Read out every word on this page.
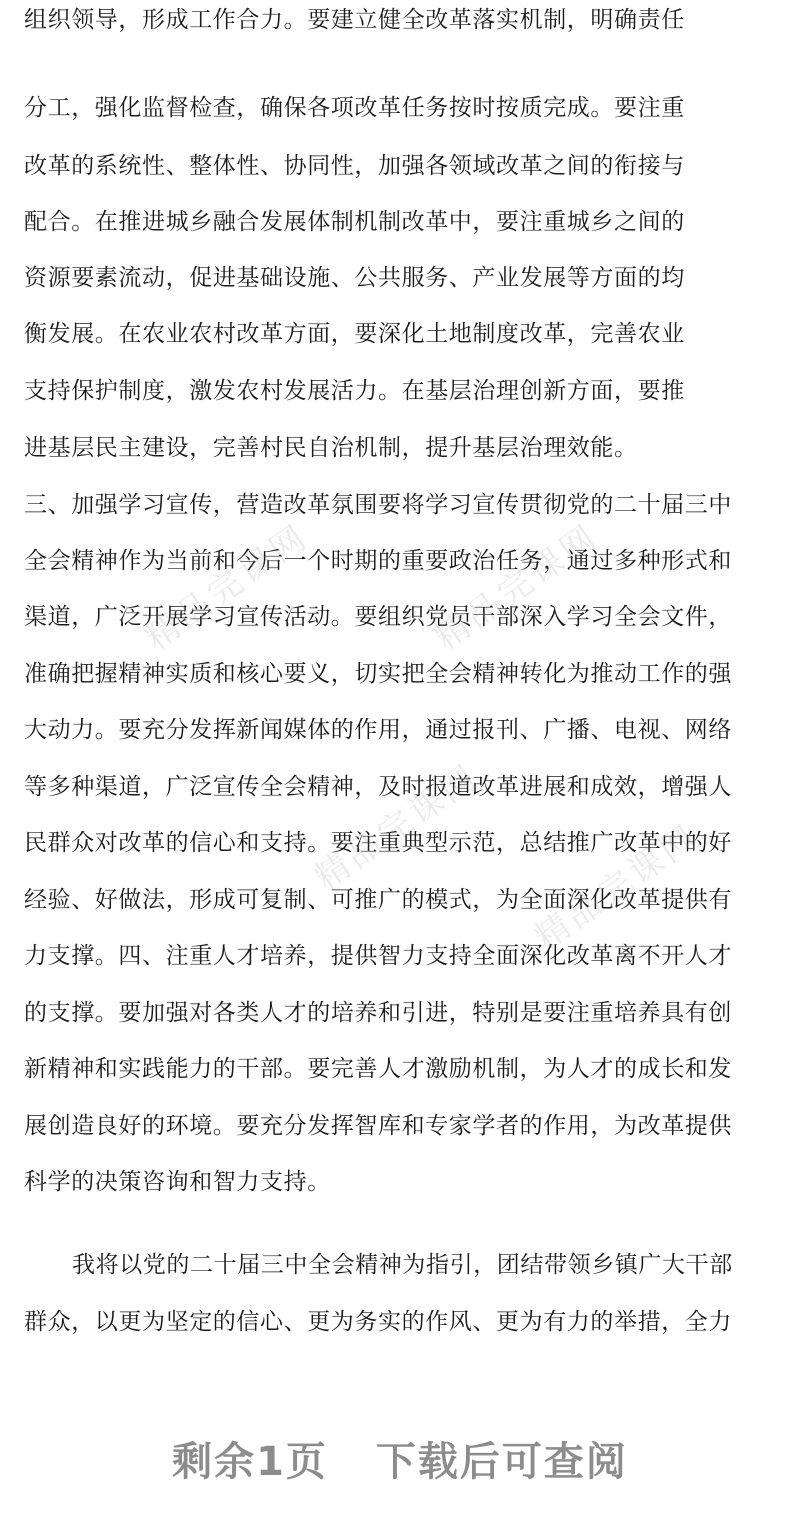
组织领导，形成工作合力。要建立健全改革落实机制，明确责任
分工，强化监督检查，确保各项改革任务按时按质完成。要注重
改革的系统性、整体性、协同性，加强各领域改革之间的衔接与
配合。在推进城乡融合发展体制机制改革中，要注重城乡之间的
资源要素流动，促进基础设施、公共服务、产业发展等方面的均
衡发展。在农业农村改革方面，要深化土地制度改革，完善农业
支持保护制度，激发农村发展活力。在基层治理创新方面，要推
进基层民主建设，完善村民自治机制，提升基层治理效能。
三、加强学习宣传，营造改革氛围要将学习宣传贯彻党的二十届三中
全会精神作为当前和今后一个时期的重要政治任务，通过多种形式和
渠道，广泛开展学习宣传活动。要组织党员干部深入学习全会文件，
准确把握精神实质和核心要义，切实把全会精神转化为推动工作的强
大动力。要充分发挥新闻媒体的作用，通过报刊、广播、电视、网络
等多种渠道，广泛宣传全会精神，及时报道改革进展和成效，增强人
民群众对改革的信心和支持。要注重典型示范，总结推广改革中的好
经验、好做法，形成可复制、可推广的模式，为全面深化改革提供有
力支撑。四、注重人才培养，提供智力支持全面深化改革离不开人才
的支撑。要加强对各类人才的培养和引进，特别是要注重培养具有创
新精神和实践能力的干部。要完善人才激励机制，为人才的成长和发
展创造良好的环境。要充分发挥智库和专家学者的作用，为改革提供
科学的决策咨询和智力支持。
我将以党的二十届三中全会精神为指引，团结带领乡镇广大干部
群众，以更为坚定的信心、更为务实的作风、更为有力的举措，全力
精品完课网	精品完课网
精品完课网 精品完课网
剩余1页 下载后可查阅
